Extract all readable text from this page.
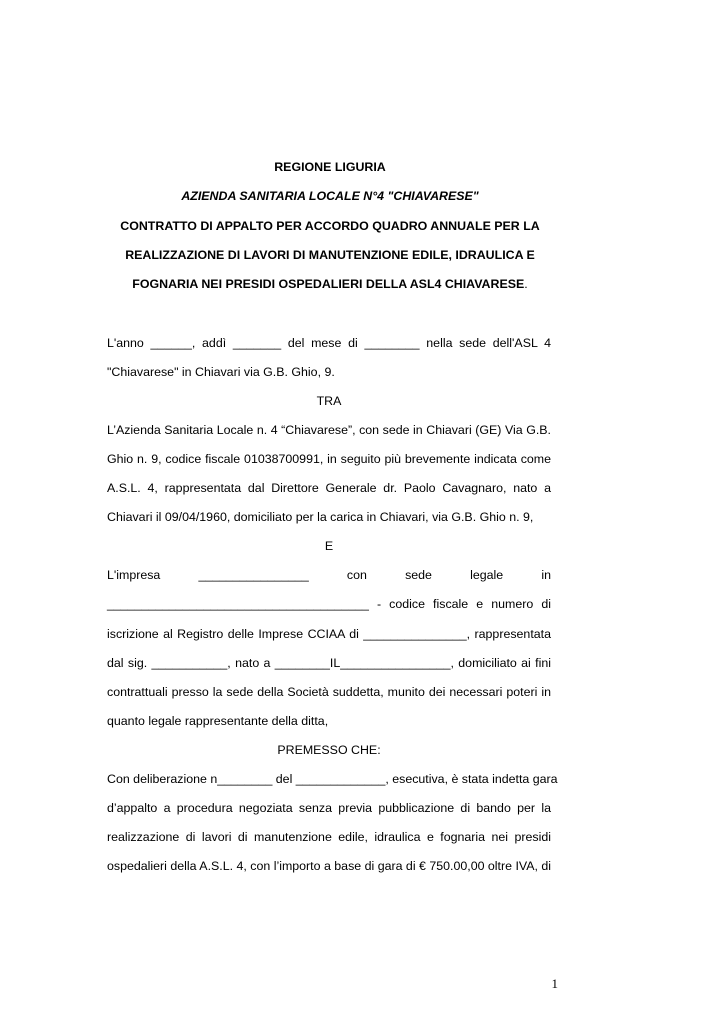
REGIONE LIGURIA
AZIENDA SANITARIA LOCALE N°4 "CHIAVARESE"
CONTRATTO DI APPALTO PER ACCORDO QUADRO ANNUALE PER LA
REALIZZAZIONE DI LAVORI DI MANUTENZIONE EDILE, IDRAULICA E
FOGNARIA NEI PRESIDI OSPEDALIERI DELLA ASL4 CHIAVARESE.
L'anno ______, addì _______ del mese di ________ nella sede dell'ASL 4
"Chiavarese" in Chiavari via G.B. Ghio, 9.
TRA
L’Azienda Sanitaria Locale n. 4 “Chiavarese”, con sede in Chiavari (GE) Via G.B.
Ghio n. 9, codice fiscale 01038700991, in seguito più brevemente indicata come
A.S.L. 4, rappresentata dal Direttore Generale dr. Paolo Cavagnaro, nato a
Chiavari il 09/04/1960, domiciliato per la carica in Chiavari, via G.B. Ghio n. 9,
E
L'impresa ________________ con sede legale in
______________________________________ - codice fiscale e numero di
iscrizione al Registro delle Imprese CCIAA di _______________, rappresentata
dal sig. ___________, nato a ________IL________________, domiciliato ai fini
contrattuali presso la sede della Società suddetta, munito dei necessari poteri in
quanto legale rappresentante della ditta,
PREMESSO CHE:
Con deliberazione n________ del _____________, esecutiva, è stata indetta gara
d’appalto a procedura negoziata senza previa pubblicazione di bando per la
realizzazione di lavori di manutenzione edile, idraulica e fognaria nei presidi
ospedalieri della A.S.L. 4, con l’importo a base di gara di € 750.00,00 oltre IVA, di
1
